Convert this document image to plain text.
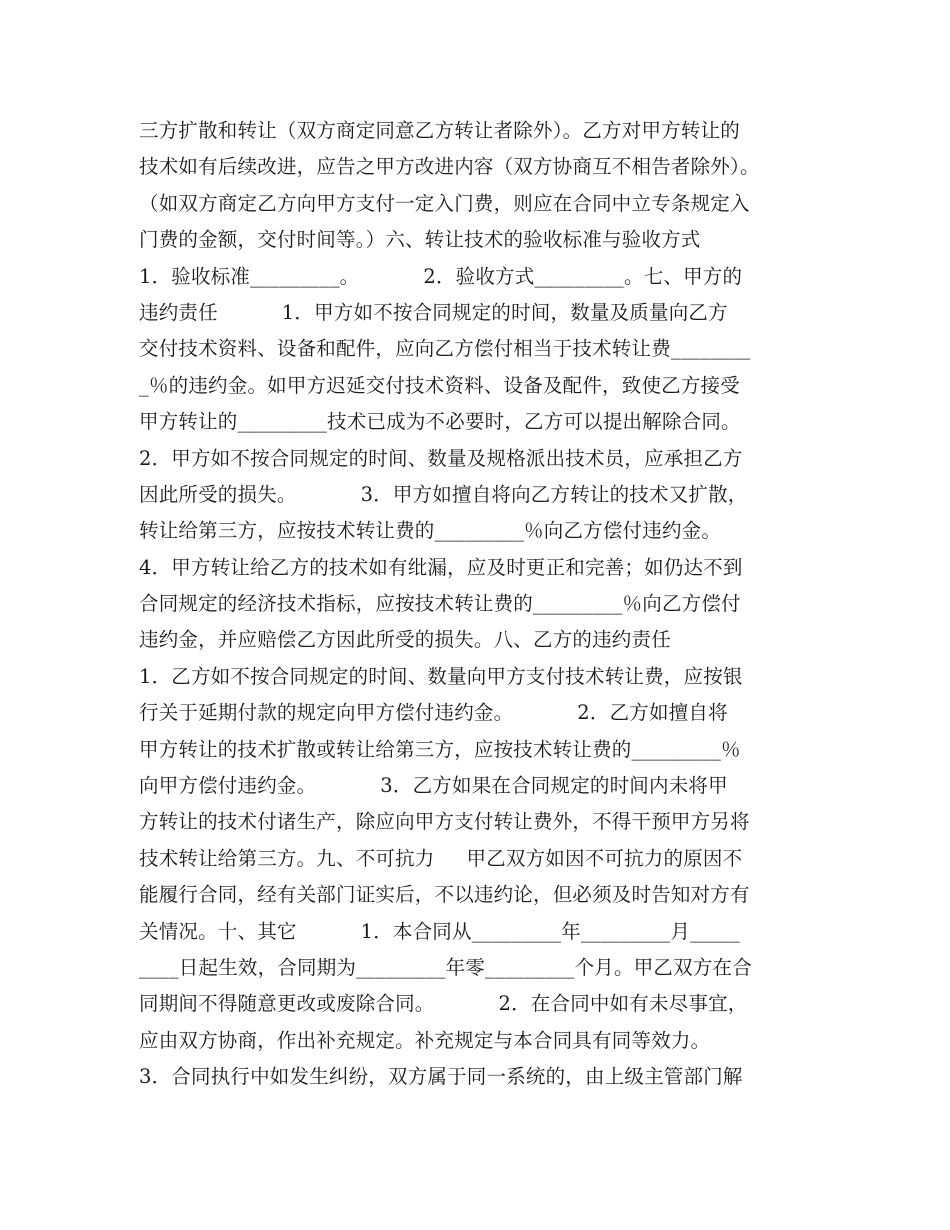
三方扩散和转让（双方商定同意乙方转让者除外）。乙方对甲方转让的
技术如有后续改进，应告之甲方改进内容（双方协商互不相告者除外）。
（如双方商定乙方向甲方支付一定入门费，则应在合同中立专条规定入
门费的金额，交付时间等。）六、转让技术的验收标准与验收方式
1．验收标准_________。          2．验收方式_________。七、甲方的
违约责任          1．甲方如不按合同规定的时间，数量及质量向乙方
交付技术资料、设备和配件，应向乙方偿付相当于技术转让费________
_％的违约金。如甲方迟延交付技术资料、设备及配件，致使乙方接受
甲方转让的_________技术已成为不必要时，乙方可以提出解除合同。
2．甲方如不按合同规定的时间、数量及规格派出技术员，应承担乙方
因此所受的损失。          3．甲方如擅自将向乙方转让的技术又扩散，
转让给第三方，应按技术转让费的_________％向乙方偿付违约金。
4．甲方转让给乙方的技术如有纰漏，应及时更正和完善；如仍达不到
合同规定的经济技术指标，应按技术转让费的_________％向乙方偿付
违约金，并应赔偿乙方因此所受的损失。八、乙方的违约责任
1．乙方如不按合同规定的时间、数量向甲方支付技术转让费，应按银
行关于延期付款的规定向甲方偿付违约金。          2．乙方如擅自将
甲方转让的技术扩散或转让给第三方，应按技术转让费的_________％
向甲方偿付违约金。          3．乙方如果在合同规定的时间内未将甲
方转让的技术付诸生产，除应向甲方支付转让费外，不得干预甲方另将
技术转让给第三方。九、不可抗力     甲乙双方如因不可抗力的原因不
能履行合同，经有关部门证实后，不以违约论，但必须及时告知对方有
关情况。十、其它          1．本合同从_________年_________月_____
____日起生效，合同期为_________年零_________个月。甲乙双方在合
同期间不得随意更改或废除合同。          2．在合同中如有未尽事宜，
应由双方协商，作出补充规定。补充规定与本合同具有同等效力。
3．合同执行中如发生纠纷，双方属于同一系统的，由上级主管部门解
